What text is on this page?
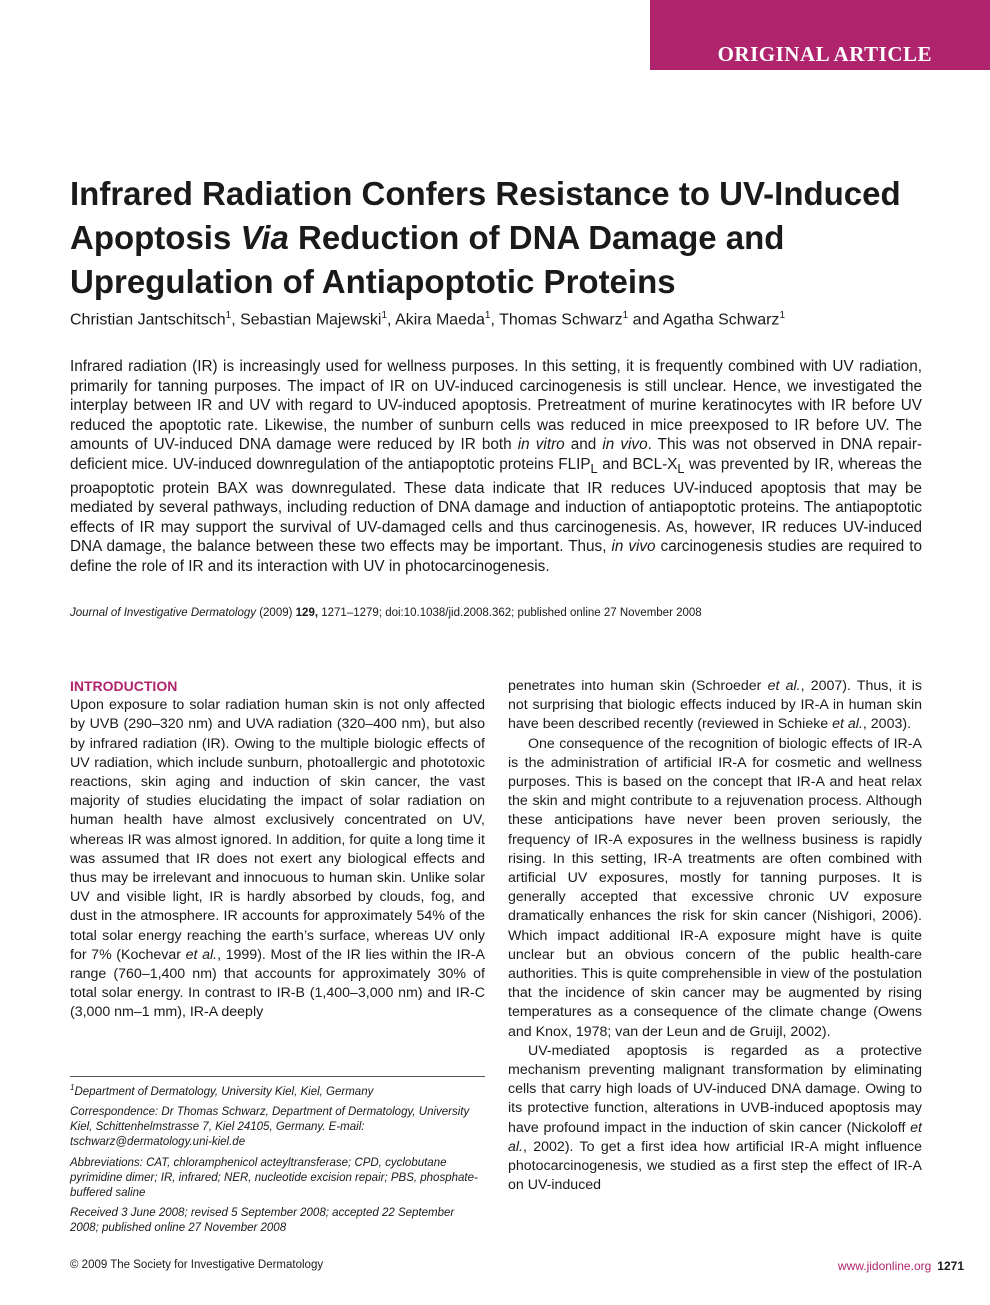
ORIGINAL ARTICLE
Infrared Radiation Confers Resistance to UV-Induced Apoptosis Via Reduction of DNA Damage and Upregulation of Antiapoptotic Proteins
Christian Jantschitsch$^1$, Sebastian Majewski$^1$, Akira Maeda$^1$, Thomas Schwarz$^1$ and Agatha Schwarz$^1$

Infrared radiation (IR) is increasingly used for wellness purposes. In this setting, it is frequently combined with UV radiation, primarily for tanning purposes. The impact of IR on UV-induced carcinogenesis is still unclear. Hence, we investigated the interplay between IR and UV with regard to UV-induced apoptosis. Pretreatment of murine keratinocytes with IR before UV reduced the apoptotic rate. Likewise, the number of sunburn cells was reduced in mice preexposed to IR before UV. The amounts of UV-induced DNA damage were reduced by IR both in vitro and in vivo. This was not observed in DNA repair-deficient mice. UV-induced downregulation of the antiapoptotic proteins $FLIP_L$ and BCL-$X_L$ was prevented by IR, whereas the proapoptotic protein BAX was downregulated. These data indicate that IR reduces UV-induced apoptosis that may be mediated by several pathways, including reduction of DNA damage and induction of antiapoptotic proteins. The antiapoptotic effects of IR may support the survival of UV-damaged cells and thus carcinogenesis. As, however, IR reduces UV-induced DNA damage, the balance between these two effects may be important. Thus, in vivo carcinogenesis studies are required to define the role of IR and its interaction with UV in photocarcinogenesis.

Journal of Investigative Dermatology (2009) 129, 1271–1279; doi:10.1038/jid.2008.362; published online 27 November 2008
INTRODUCTION

Upon exposure to solar radiation human skin is not only affected by UVB (290–320 nm) and UVA radiation (320–400 nm), but also by infrared radiation (IR). Owing to the multiple biologic effects of UV radiation, which include sunburn, photoallergic and phototoxic reactions, skin aging and induction of skin cancer, the vast majority of studies elucidating the impact of solar radiation on human health have almost exclusively concentrated on UV, whereas IR was almost ignored. In addition, for quite a long time it was assumed that IR does not exert any biological effects and thus may be irrelevant and innocuous to human skin. Unlike solar UV and visible light, IR is hardly absorbed by clouds, fog, and dust in the atmosphere. IR accounts for approximately 54% of the total solar energy reaching the earth’s surface, whereas UV only for 7% (Kochevar et al., 1999). Most of the IR lies within the IR-A range (760–1,400 nm) that accounts for approximately 30% of total solar energy. In contrast to IR-B (1,400–3,000 nm) and IR-C (3,000 nm–1 mm), IR-A deeply

$^1$Department of Dermatology, University Kiel, Kiel, Germany
Correspondence: Dr Thomas Schwarz, Department of Dermatology, University Kiel, Schittenhelmstrasse 7, Kiel 24105, Germany. E-mail: tschwarz@dermatology.uni-kiel.de
Abbreviations: CAT, chloramphenicol acteyltransferase; CPD, cyclobutane pyrimidine dimer; IR, infrared; NER, nucleotide excision repair; PBS, phosphate-buffered saline
Received 3 June 2008; revised 5 September 2008; accepted 22 September 2008; published online 27 November 2008

penetrates into human skin (Schroeder et al., 2007). Thus, it is not surprising that biologic effects induced by IR-A in human skin have been described recently (reviewed in Schieke et al., 2003).

One consequence of the recognition of biologic effects of IR-A is the administration of artificial IR-A for cosmetic and wellness purposes. This is based on the concept that IR-A and heat relax the skin and might contribute to a rejuvenation process. Although these anticipations have never been proven seriously, the frequency of IR-A exposures in the wellness business is rapidly rising. In this setting, IR-A treatments are often combined with artificial UV exposures, mostly for tanning purposes. It is generally accepted that excessive chronic UV exposure dramatically enhances the risk for skin cancer (Nishigori, 2006). Which impact additional IR-A exposure might have is quite unclear but an obvious concern of the public health-care authorities. This is quite comprehensible in view of the postulation that the incidence of skin cancer may be augmented by rising temperatures as a consequence of the climate change (Owens and Knox, 1978; van der Leun and de Gruijl, 2002).

UV-mediated apoptosis is regarded as a protective mechanism preventing malignant transformation by eliminating cells that carry high loads of UV-induced DNA damage. Owing to its protective function, alterations in UVB-induced apoptosis may have profound impact in the induction of skin cancer (Nickoloff et al., 2002). To get a first idea how artificial IR-A might influence photocarcinogenesis, we studied as a first step the effect of IR-A on UV-induced

© 2009 The Society for Investigative Dermatology	www.jidonline.org 1271
